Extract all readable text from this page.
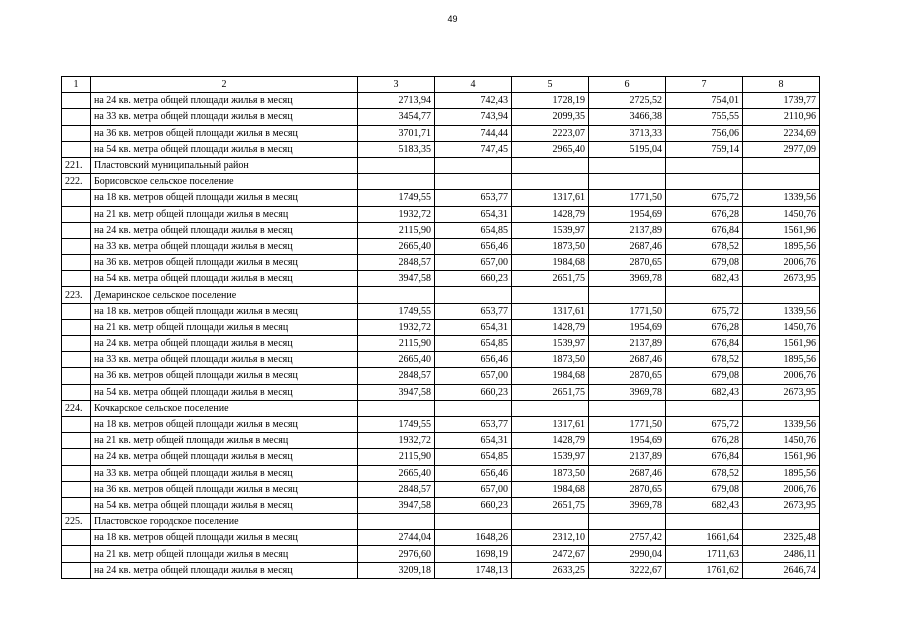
49
1	2	3	4	5	6	7	8
	на 24 кв. метра общей площади жилья в месяц	2713,94	742,43	1728,19	2725,52	754,01	1739,77
	на 33 кв. метра общей площади жилья в месяц	3454,77	743,94	2099,35	3466,38	755,55	2110,96
	на 36 кв. метров общей площади жилья в месяц	3701,71	744,44	2223,07	3713,33	756,06	2234,69
	на 54 кв. метра общей площади жилья в месяц	5183,35	747,45	2965,40	5195,04	759,14	2977,09
221.	Пластовский муниципальный район						
222.	Борисовское сельское поселение						
	на 18 кв. метров общей площади жилья в месяц	1749,55	653,77	1317,61	1771,50	675,72	1339,56
	на 21 кв. метр общей площади жилья в месяц	1932,72	654,31	1428,79	1954,69	676,28	1450,76
	на 24 кв. метра общей площади жилья в месяц	2115,90	654,85	1539,97	2137,89	676,84	1561,96
	на 33 кв. метра общей площади жилья в месяц	2665,40	656,46	1873,50	2687,46	678,52	1895,56
	на 36 кв. метров общей площади жилья в месяц	2848,57	657,00	1984,68	2870,65	679,08	2006,76
	на 54 кв. метра общей площади жилья в месяц	3947,58	660,23	2651,75	3969,78	682,43	2673,95
223.	Демаринское сельское поселение						
	на 18 кв. метров общей площади жилья в месяц	1749,55	653,77	1317,61	1771,50	675,72	1339,56
	на 21 кв. метр общей площади жилья в месяц	1932,72	654,31	1428,79	1954,69	676,28	1450,76
	на 24 кв. метра общей площади жилья в месяц	2115,90	654,85	1539,97	2137,89	676,84	1561,96
	на 33 кв. метра общей площади жилья в месяц	2665,40	656,46	1873,50	2687,46	678,52	1895,56
	на 36 кв. метров общей площади жилья в месяц	2848,57	657,00	1984,68	2870,65	679,08	2006,76
	на 54 кв. метра общей площади жилья в месяц	3947,58	660,23	2651,75	3969,78	682,43	2673,95
224.	Кочкарское сельское поселение						
	на 18 кв. метров общей площади жилья в месяц	1749,55	653,77	1317,61	1771,50	675,72	1339,56
	на 21 кв. метр общей площади жилья в месяц	1932,72	654,31	1428,79	1954,69	676,28	1450,76
	на 24 кв. метра общей площади жилья в месяц	2115,90	654,85	1539,97	2137,89	676,84	1561,96
	на 33 кв. метра общей площади жилья в месяц	2665,40	656,46	1873,50	2687,46	678,52	1895,56
	на 36 кв. метров общей площади жилья в месяц	2848,57	657,00	1984,68	2870,65	679,08	2006,76
	на 54 кв. метра общей площади жилья в месяц	3947,58	660,23	2651,75	3969,78	682,43	2673,95
225.	Пластовское городское поселение						
	на 18 кв. метров общей площади жилья в месяц	2744,04	1648,26	2312,10	2757,42	1661,64	2325,48
	на 21 кв. метр общей площади жилья в месяц	2976,60	1698,19	2472,67	2990,04	1711,63	2486,11
	на 24 кв. метра общей площади жилья в месяц	3209,18	1748,13	2633,25	3222,67	1761,62	2646,74
